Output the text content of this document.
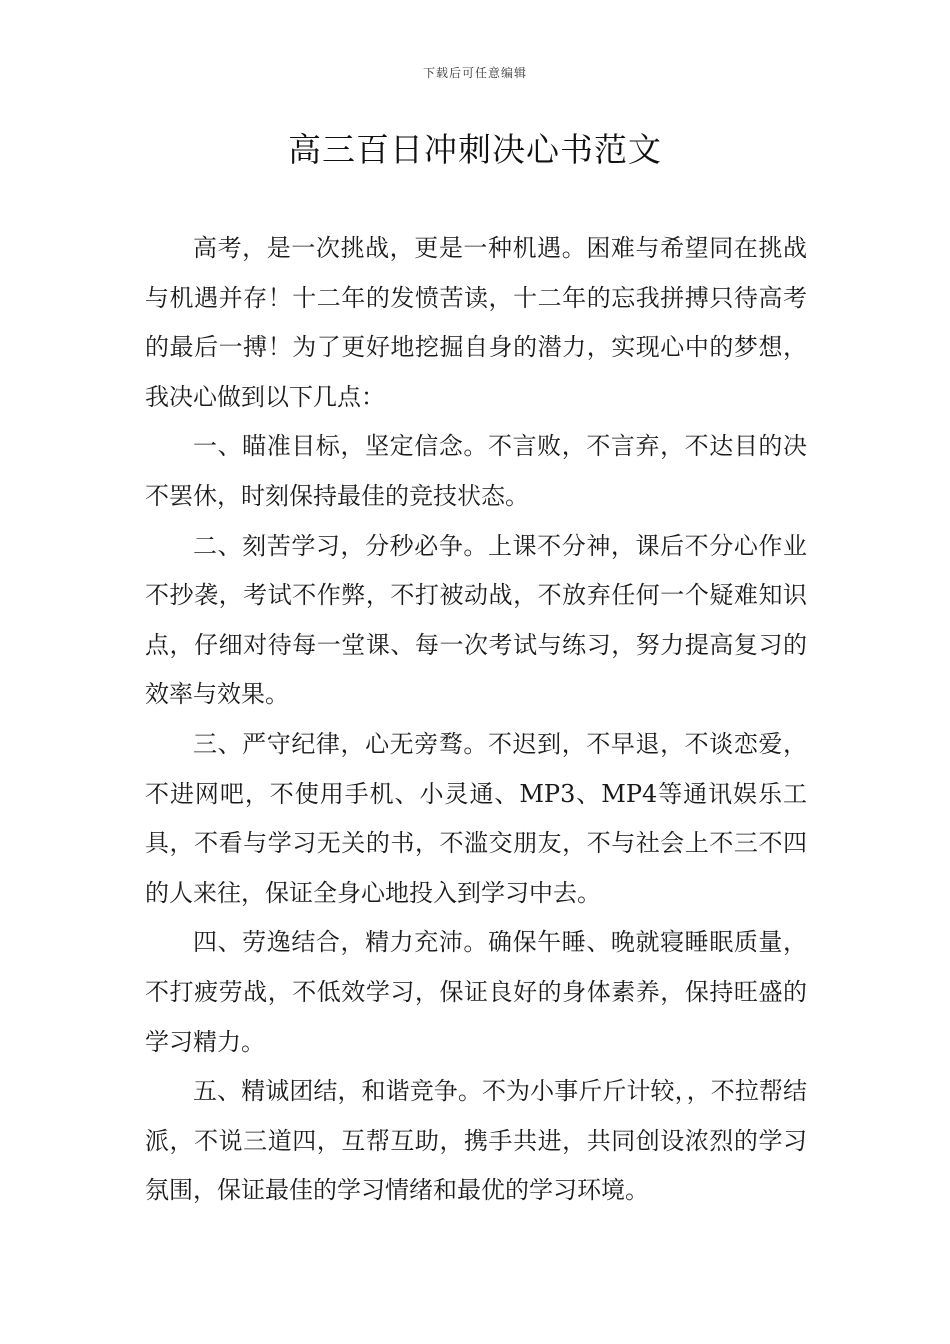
下载后可任意编辑
高三百日冲刺决心书范文

高考，是一次挑战，更是一种机遇。困难与希望同在挑战与机遇并存！十二年的发愤苦读，十二年的忘我拼搏只待高考的最后一搏！为了更好地挖掘自身的潜力，实现心中的梦想，我决心做到以下几点：

一、瞄准目标，坚定信念。不言败，不言弃，不达目的决不罢休，时刻保持最佳的竞技状态。

二、刻苦学习，分秒必争。上课不分神，课后不分心作业不抄袭，考试不作弊，不打被动战，不放弃任何一个疑难知识点，仔细对待每一堂课、每一次考试与练习，努力提高复习的效率与效果。

三、严守纪律，心无旁骛。不迟到，不早退，不谈恋爱，不进网吧，不使用手机、小灵通、MP3、MP4等通讯娱乐工具，不看与学习无关的书，不滥交朋友，不与社会上不三不四的人来往，保证全身心地投入到学习中去。

四、劳逸结合，精力充沛。确保午睡、晚就寝睡眠质量，不打疲劳战，不低效学习，保证良好的身体素养，保持旺盛的学习精力。

五、精诚团结，和谐竞争。不为小事斤斤计较，，不拉帮结派，不说三道四，互帮互助，携手共进，共同创设浓烈的学习氛围，保证最佳的学习情绪和最优的学习环境。
